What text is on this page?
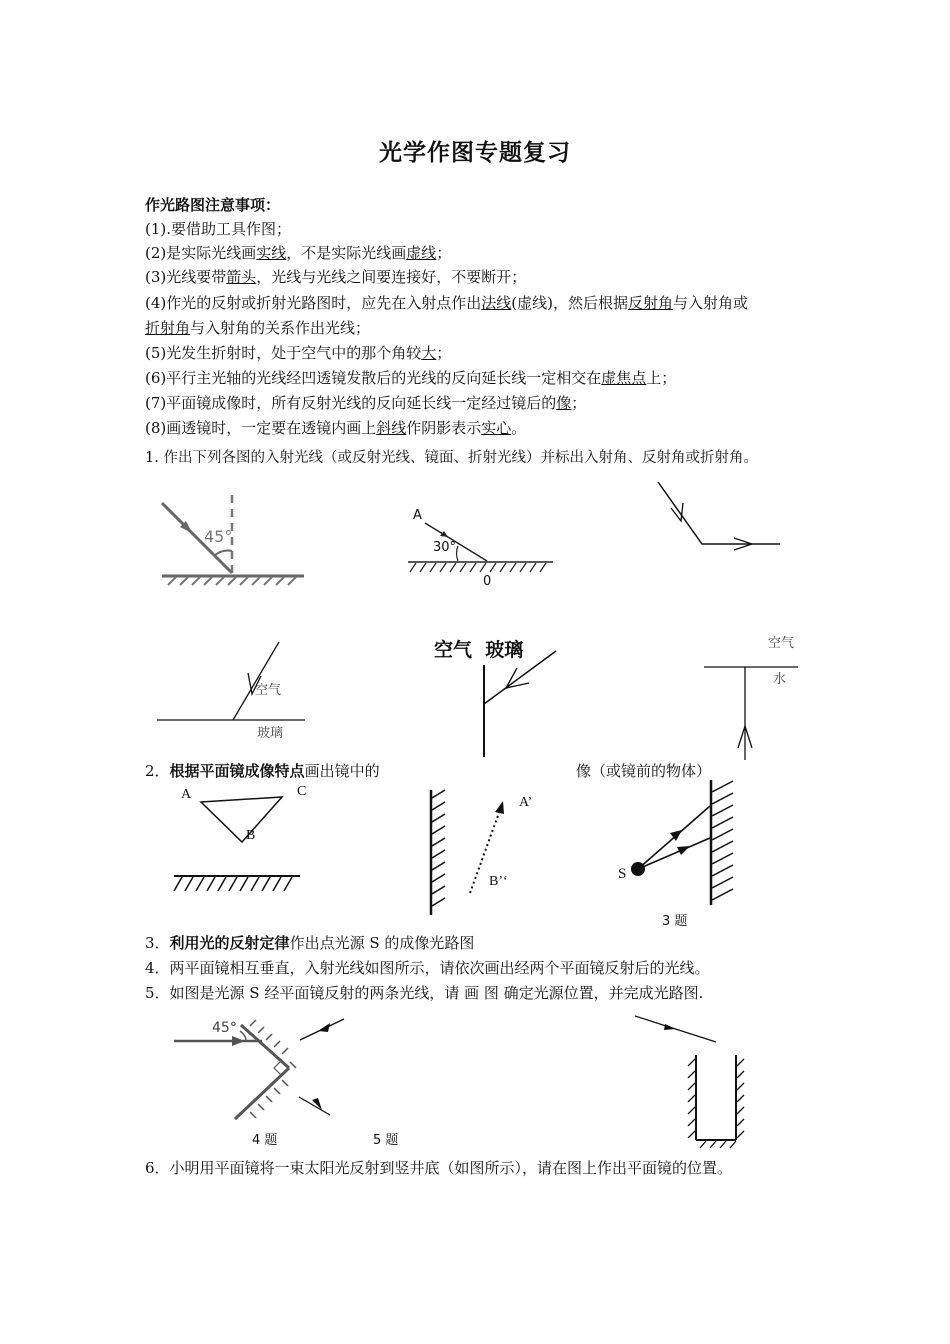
光学作图专题复习
作光路图注意事项：
(1).要借助工具作图；
(2)是实际光线画实线，不是实际光线画虚线；
(3)光线要带箭头，光线与光线之间要连接好，不要断开；
(4)作光的反射或折射光路图时，应先在入射点作出法线(虚线)，然后根据反射角与入射角或
折射角与入射角的关系作出光线；
(5)光发生折射时，处于空气中的那个角较大；
(6)平行主光轴的光线经凹透镜发散后的光线的反向延长线一定相交在虚焦点上；
(7)平面镜成像时，所有反射光线的反向延长线一定经过镜后的像；
(8)画透镜时，一定要在透镜内画上斜线作阴影表示实心。
1. 作出下列各图的入射光线（或反射光线、镜面、折射光线）并标出入射角、反射角或折射角。
45°
A
30°
0
空气
玻璃
空气  玻璃	空气
水
2．根据平面镜成像特点画出镜中的	像（或镜前的物体）
A	C
B
A’
B’‘	S
3 题
3．利用光的反射定律作出点光源 S 的成像光路图
4．两平面镜相互垂直，入射光线如图所示，请依次画出经两个平面镜反射后的光线。
5．如图是光源 S 经平面镜反射的两条光线，请 画 图 确定光源位置，并完成光路图.
45°
4 题	5 题
6．小明用平面镜将一束太阳光反射到竖井底（如图所示），请在图上作出平面镜的位置。
